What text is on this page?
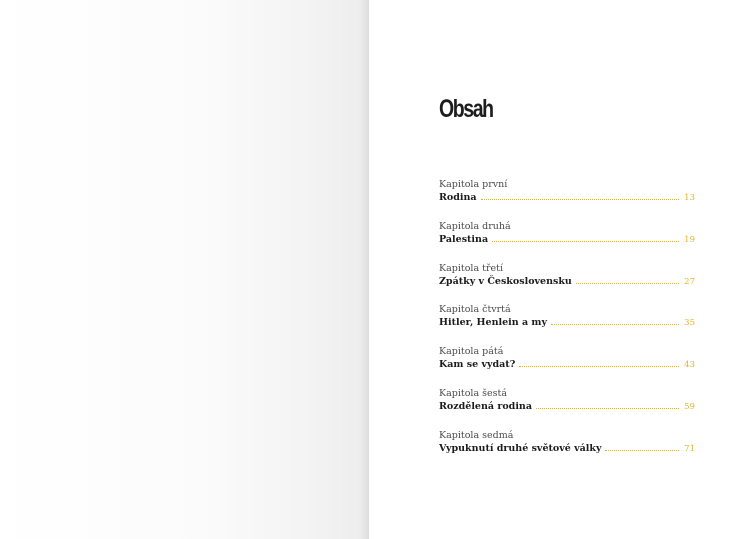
Obsah
Kapitola první
Rodina	13
Kapitola druhá
Palestina	19
Kapitola třetí
Zpátky v Československu	27
Kapitola čtvrtá
Hitler, Henlein a my	35
Kapitola pátá
Kam se vydat?	43
Kapitola šestá
Rozdělená rodina	59
Kapitola sedmá
Vypuknutí druhé světové války	71
